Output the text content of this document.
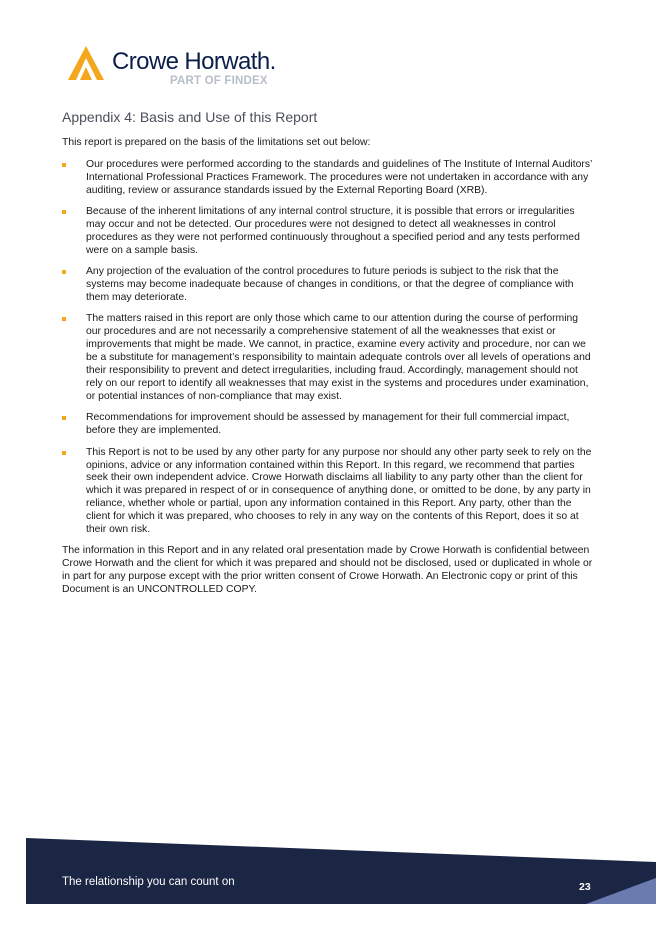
Crowe Horwath.
PART OF FINDEX
Appendix 4: Basis and Use of this Report

This report is prepared on the basis of the limitations set out below:

Our procedures were performed according to the standards and guidelines of The Institute of Internal Auditors’ International Professional Practices Framework. The procedures were not undertaken in accordance with any auditing, review or assurance standards issued by the External Reporting Board (XRB).
Because of the inherent limitations of any internal control structure, it is possible that errors or irregularities may occur and not be detected. Our procedures were not designed to detect all weaknesses in control procedures as they were not performed continuously throughout a specified period and any tests performed were on a sample basis.
Any projection of the evaluation of the control procedures to future periods is subject to the risk that the systems may become inadequate because of changes in conditions, or that the degree of compliance with them may deteriorate.
The matters raised in this report are only those which came to our attention during the course of performing our procedures and are not necessarily a comprehensive statement of all the weaknesses that exist or improvements that might be made. We cannot, in practice, examine every activity and procedure, nor can we be a substitute for management’s responsibility to maintain adequate controls over all levels of operations and their responsibility to prevent and detect irregularities, including fraud. Accordingly, management should not rely on our report to identify all weaknesses that may exist in the systems and procedures under examination, or potential instances of non-compliance that may exist.
Recommendations for improvement should be assessed by management for their full commercial impact, before they are implemented.
This Report is not to be used by any other party for any purpose nor should any other party seek to rely on the opinions, advice or any information contained within this Report. In this regard, we recommend that parties seek their own independent advice. Crowe Horwath disclaims all liability to any party other than the client for which it was prepared in respect of or in consequence of anything done, or omitted to be done, by any party in reliance, whether whole or partial, upon any information contained in this Report. Any party, other than the client for which it was prepared, who chooses to rely in any way on the contents of this Report, does it so at their own risk.

The information in this Report and in any related oral presentation made by Crowe Horwath is confidential between Crowe Horwath and the client for which it was prepared and should not be disclosed, used or duplicated in whole or in part for any purpose except with the prior written consent of Crowe Horwath. An Electronic copy or print of this Document is an UNCONTROLLED COPY.

The relationship you can count on	23
